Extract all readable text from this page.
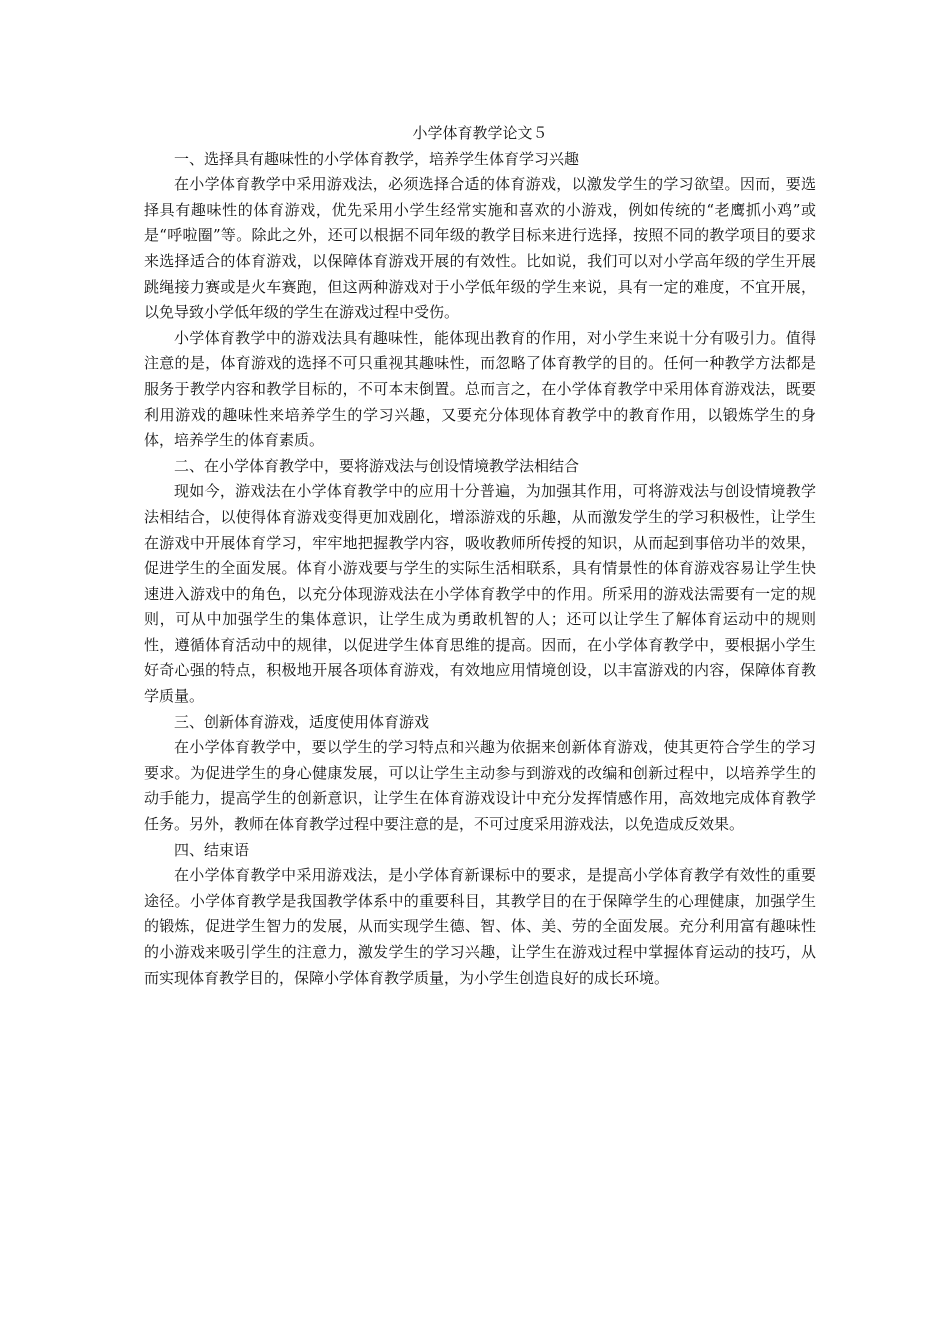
小学体育教学论文５

一、选择具有趣味性的小学体育教学，培养学生体育学习兴趣

在小学体育教学中采用游戏法，必须选择合适的体育游戏，以激发学生的学习欲望。因而，要选择具有趣味性的体育游戏，优先采用小学生经常实施和喜欢的小游戏，例如传统的“老鹰抓小鸡”或是“呼啦圈”等。除此之外，还可以根据不同年级的教学目标来进行选择，按照不同的教学项目的要求来选择适合的体育游戏，以保障体育游戏开展的有效性。比如说，我们可以对小学高年级的学生开展跳绳接力赛或是火车赛跑，但这两种游戏对于小学低年级的学生来说，具有一定的难度，不宜开展，以免导致小学低年级的学生在游戏过程中受伤。

小学体育教学中的游戏法具有趣味性，能体现出教育的作用，对小学生来说十分有吸引力。值得注意的是，体育游戏的选择不可只重视其趣味性，而忽略了体育教学的目的。任何一种教学方法都是服务于教学内容和教学目标的，不可本末倒置。总而言之，在小学体育教学中采用体育游戏法，既要利用游戏的趣味性来培养学生的学习兴趣，又要充分体现体育教学中的教育作用，以锻炼学生的身体，培养学生的体育素质。

二、在小学体育教学中，要将游戏法与创设情境教学法相结合

现如今，游戏法在小学体育教学中的应用十分普遍，为加强其作用，可将游戏法与创设情境教学法相结合，以使得体育游戏变得更加戏剧化，增添游戏的乐趣，从而激发学生的学习积极性，让学生在游戏中开展体育学习，牢牢地把握教学内容，吸收教师所传授的知识，从而起到事倍功半的效果，促进学生的全面发展。体育小游戏要与学生的实际生活相联系，具有情景性的体育游戏容易让学生快速进入游戏中的角色，以充分体现游戏法在小学体育教学中的作用。所采用的游戏法需要有一定的规则，可从中加强学生的集体意识，让学生成为勇敢机智的人；还可以让学生了解体育运动中的规则性，遵循体育活动中的规律，以促进学生体育思维的提高。因而，在小学体育教学中，要根据小学生好奇心强的特点，积极地开展各项体育游戏，有效地应用情境创设，以丰富游戏的内容，保障体育教学质量。

三、创新体育游戏，适度使用体育游戏

在小学体育教学中，要以学生的学习特点和兴趣为依据来创新体育游戏，使其更符合学生的学习要求。为促进学生的身心健康发展，可以让学生主动参与到游戏的改编和创新过程中，以培养学生的动手能力，提高学生的创新意识，让学生在体育游戏设计中充分发挥情感作用，高效地完成体育教学任务。另外，教师在体育教学过程中要注意的是，不可过度采用游戏法，以免造成反效果。

四、结束语

在小学体育教学中采用游戏法，是小学体育新课标中的要求，是提高小学体育教学有效性的重要途径。小学体育教学是我国教学体系中的重要科目，其教学目的在于保障学生的心理健康，加强学生的锻炼，促进学生智力的发展，从而实现学生德、智、体、美、劳的全面发展。充分利用富有趣味性的小游戏来吸引学生的注意力，激发学生的学习兴趣，让学生在游戏过程中掌握体育运动的技巧，从而实现体育教学目的，保障小学体育教学质量，为小学生创造良好的成长环境。
